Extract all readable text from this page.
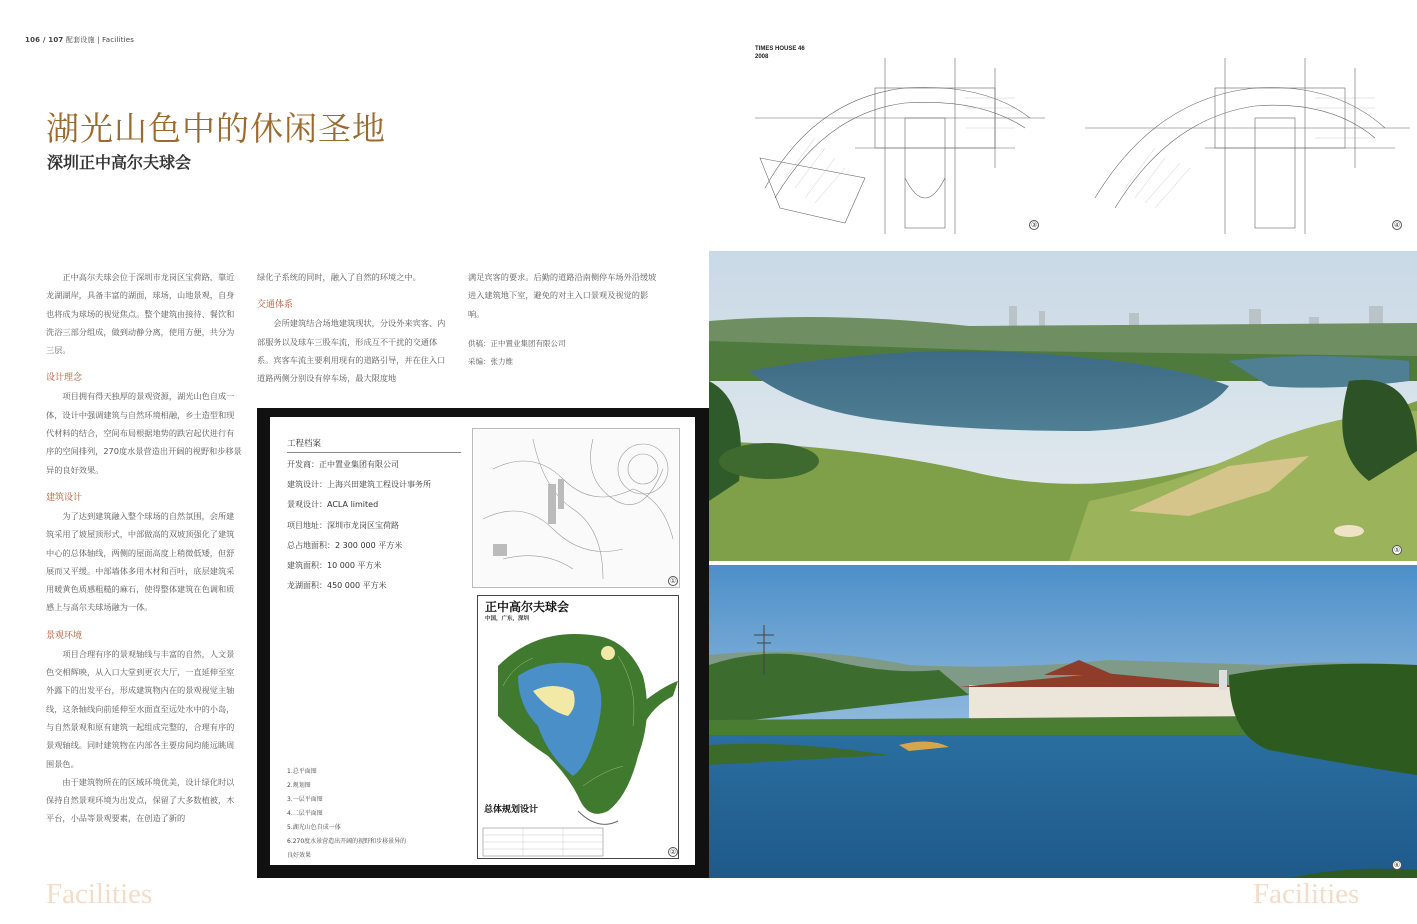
106 / 107 配套设施 | Facilities
TIMES HOUSE 46
2008
湖光山色中的休闲圣地
深圳正中高尔夫球会

正中高尔夫球会位于深圳市龙岗区宝荷路，靠近龙湖湖岸，具备丰富的湖面，球场，山地景观，自身也将成为球场的视觉焦点。整个建筑由接待、餐饮和洗浴三部分组成，做到动静分离，使用方便，共分为三层。

设计理念

项目拥有得天独厚的景观资源，湖光山色自成一体，设计中强调建筑与自然环境相融，乡土造型和现代材料的结合，空间布局根据地势的跌宕起伏进行有序的空间排列，270度水景营造出开阔的视野和步移景异的良好效果。

建筑设计

为了达到建筑融入整个球场的自然氛围，会所建筑采用了坡屋顶形式，中部做高的双坡顶强化了建筑中心的总体轴线，两侧的屋面高度上稍微低矮，但舒展而又平缓。中部墙体多用木材和百叶，底层建筑采用暖黄色质感粗糙的麻石，使得整体建筑在色调和质感上与高尔夫球场融为一体。

景观环境

项目合理有序的景观轴线与丰富的自然，人文景色交相辉映，从入口大堂到更衣大厅，一直延伸至室外露下的出发平台，形成建筑物内在的景观视觉主轴线，这条轴线向前延伸至水面直至远处水中的小岛，与自然景观和原有建筑一起组成完整的，合理有序的景观轴线。同时建筑物在内部各主要房间均能远眺周围景色。

由于建筑物所在的区域环境优美，设计绿化时以保持自然景观环境为出发点，保留了大多数植被，木平台，小品等景观要素，在创造了新的

绿化子系统的同时，融入了自然的环境之中。

交通体系

会所建筑结合场地建筑现状，分设外来宾客、内部服务以及球车三股车流，形成互不干扰的交通体系。宾客车流主要利用现有的道路引导，并在住入口道路两侧分别设有停车场，最大限度地

满足宾客的要求。后勤的道路沿南侧停车场外沿缓坡进入建筑地下室，避免的对主入口景观及视觉的影响。

供稿：正中置业集团有限公司

采编：张力维

工程档案
开发商：正中置业集团有限公司
建筑设计：上海兴田建筑工程设计事务所
景观设计：ACLA limited
项目地址：深圳市龙岗区宝荷路
总占地面积：2 300 000 平方米
建筑面积：10 000 平方米
龙湖面积：450 000 平方米
1.总平面图
2.规划图
3.一层平面图
4.二层平面图
5.湖光山色自成一体
6.270度水景营造出开阔的视野和步移景异的良好效果
①
正中高尔夫球会
中国，广东，深圳
总体规划设计
②
③	④
⑤
⑥
Facilities	Facilities
